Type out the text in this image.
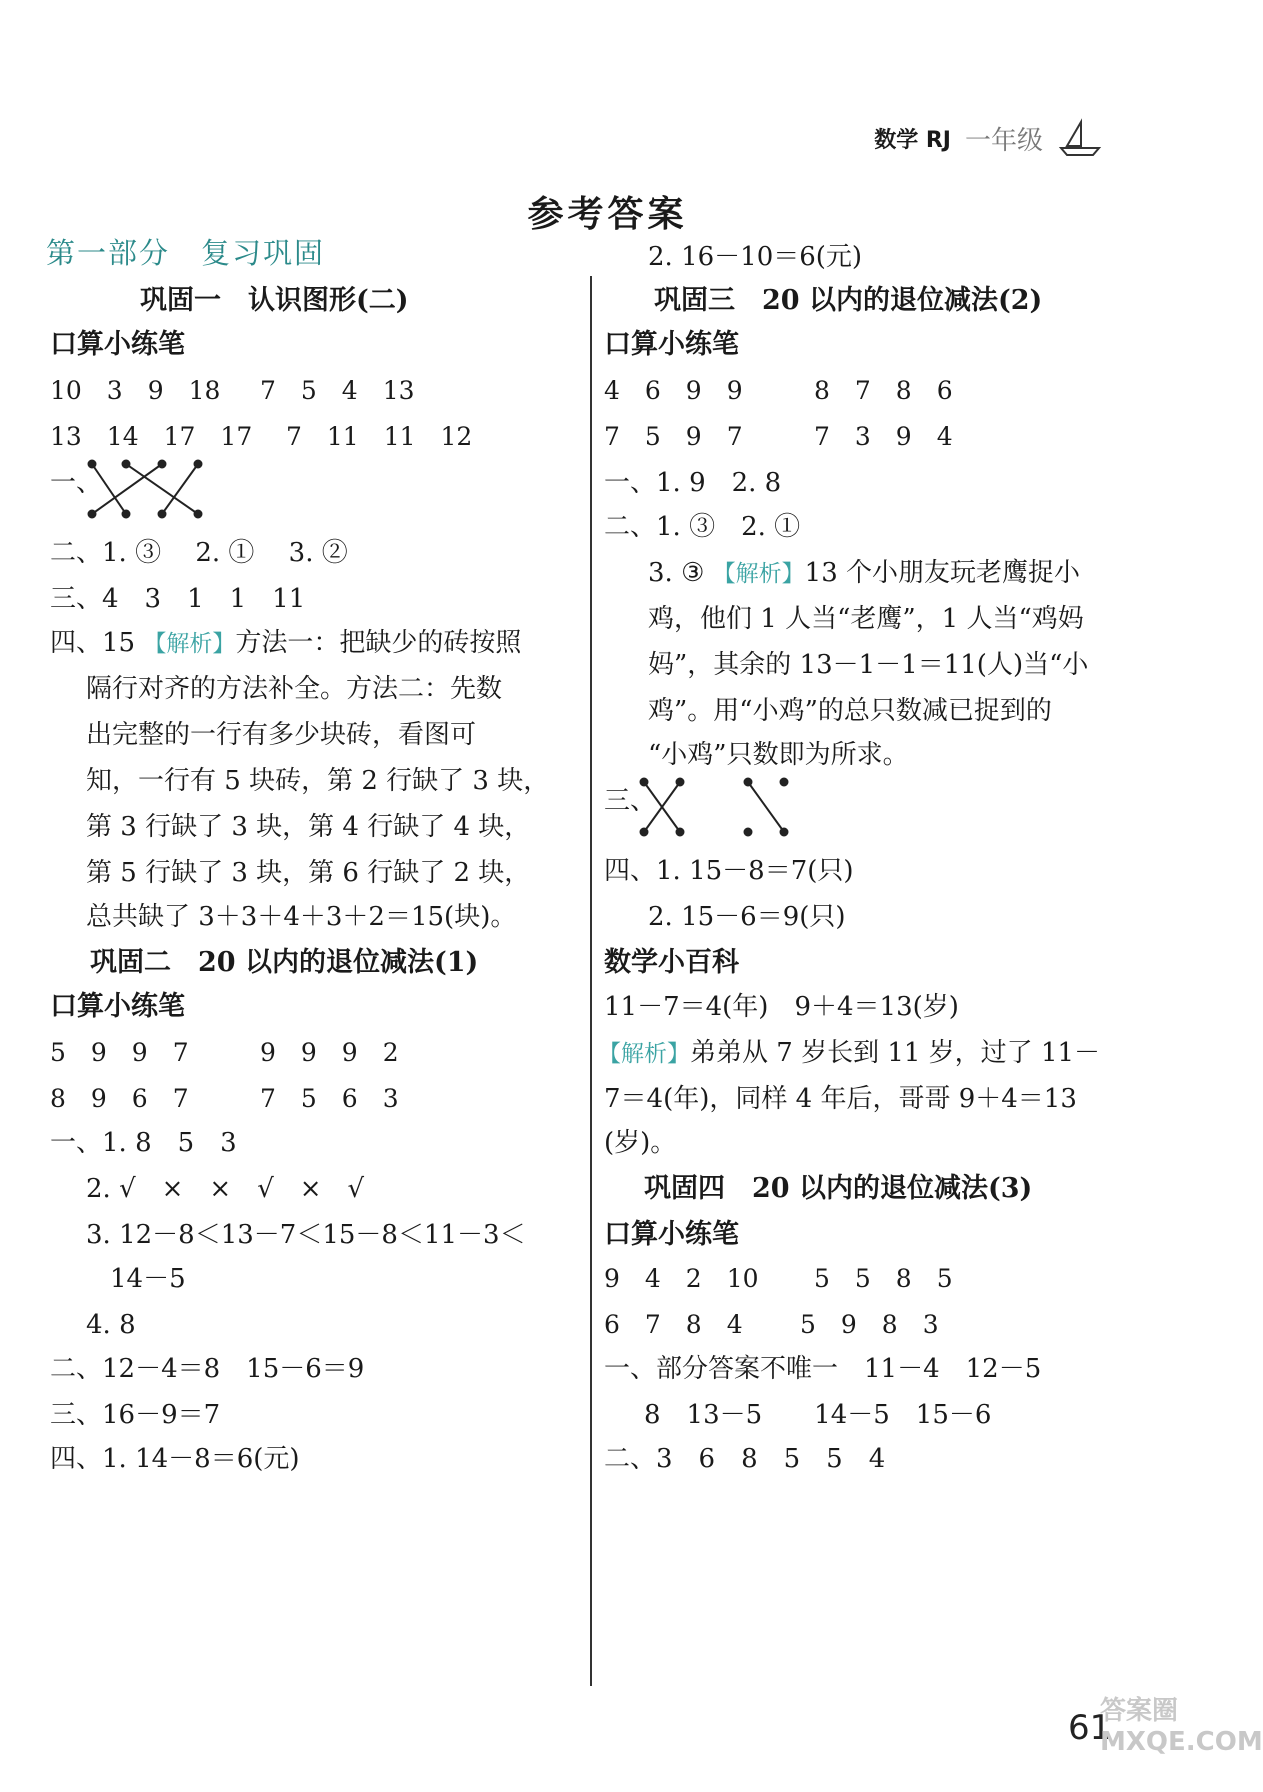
数学 RJ 一年级
参考答案
第一部分　复习巩固
巩固一　认识图形(二)
口算小练笔
10　3　9　18 7　5　4　13
13　14　17　17 7　11　11　12
一、
二、1. ③　 2. ①　 3. ②
三、4　3　1　1　11
四、15 【解析】方法一：把缺少的砖按照
隔行对齐的方法补全。方法二：先数
出完整的一行有多少块砖，看图可
知，一行有 5 块砖，第 2 行缺了 3 块，
第 3 行缺了 3 块，第 4 行缺了 4 块，
第 5 行缺了 3 块，第 6 行缺了 2 块，
总共缺了 3＋3＋4＋3＋2＝15(块)。
巩固二　20 以内的退位减法(1)
口算小练笔
5　9　9　7	9　9　9　2
8　9　6　7	7　5　6　3
一、1. 8　5　3
2. √　×　×　√　×　√
3. 12－8＜13－7＜15－8＜11－3＜
14－5
4. 8
二、12－4＝8　15－6＝9
三、16－9＝7
四、1. 14－8＝6(元)
2. 16－10＝6(元)
巩固三　20 以内的退位减法(2)
口算小练笔
4　6　9　9	8　7　8　6
7　5　9　7	7　3　9　4
一、1. 9　2. 8
二、1. ③　2. ①
3. ③ 【解析】13 个小朋友玩老鹰捉小
鸡，他们 1 人当“老鹰”，1 人当“鸡妈
妈”，其余的 13－1－1＝11(人)当“小
鸡”。用“小鸡”的总只数减已捉到的
“小鸡”只数即为所求。
三、
四、1. 15－8＝7(只)
2. 15－6＝9(只)
数学小百科
11－7＝4(年)　9＋4＝13(岁)
【解析】弟弟从 7 岁长到 11 岁，过了 11－
7＝4(年)，同样 4 年后，哥哥 9＋4＝13
(岁)。
巩固四　20 以内的退位减法(3)
口算小练笔
9　4　2　10 5　5　8　5
6　7　8　4 5　9　8　3
一、部分答案不唯一　11－4　12－5
8　13－5　　14－5　15－6
二、3　6　8　5　5　4
61
答案圈 MXQE.COM
